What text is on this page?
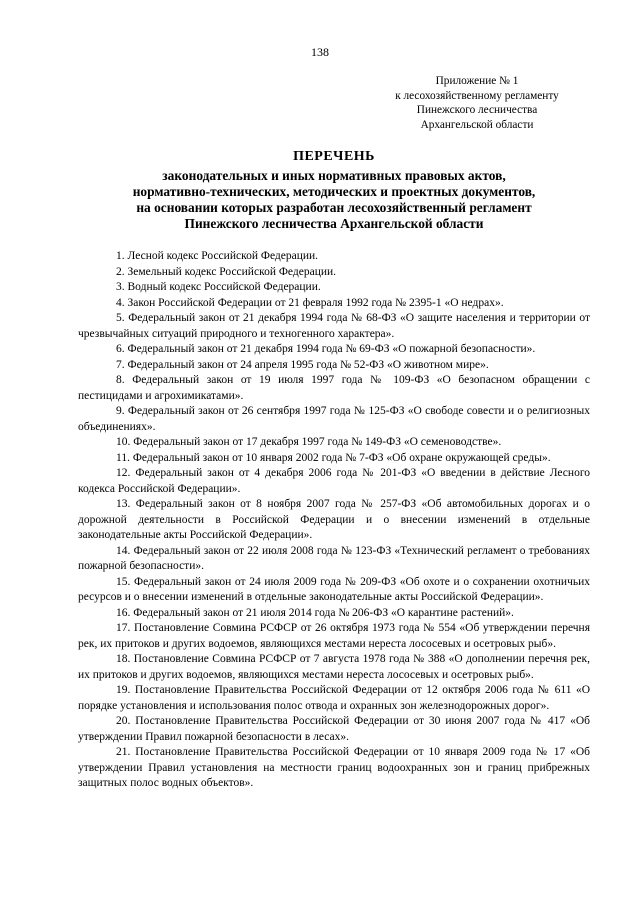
138
Приложение № 1
к лесохозяйственному регламенту
Пинежского лесничества
Архангельской области
ПЕРЕЧЕНЬ
законодательных и иных нормативных правовых актов,
нормативно-технических, методических и проектных документов,
на основании которых разработан лесохозяйственный регламент
Пинежского лесничества Архангельской области

1. Лесной кодекс Российской Федерации.

2. Земельный кодекс Российской Федерации.

3. Водный кодекс Российской Федерации.

4. Закон Российской Федерации от 21 февраля 1992 года № 2395-1 «О недрах».

5. Федеральный закон от 21 декабря 1994 года № 68-ФЗ «О защите населения и территории от чрезвычайных ситуаций природного и техногенного характера».

6. Федеральный закон от 21 декабря 1994 года № 69-ФЗ «О пожарной безопасности».

7. Федеральный закон от 24 апреля 1995 года № 52-ФЗ «О животном мире».

8. Федеральный закон от 19 июля 1997 года № 109-ФЗ «О безопасном обращении с пестицидами и агрохимикатами».

9. Федеральный закон от 26 сентября 1997 года № 125-ФЗ «О свободе совести и о религиозных объединениях».

10. Федеральный закон от 17 декабря 1997 года № 149-ФЗ «О семеноводстве».

11. Федеральный закон от 10 января 2002 года № 7-ФЗ «Об охране окружающей среды».

12. Федеральный закон от 4 декабря 2006 года № 201-ФЗ «О введении в действие Лесного кодекса Российской Федерации».

13. Федеральный закон от 8 ноября 2007 года № 257-ФЗ «Об автомобильных дорогах и о дорожной деятельности в Российской Федерации и о внесении изменений в отдельные законодательные акты Российской Федерации».

14. Федеральный закон от 22 июля 2008 года № 123-ФЗ «Технический регламент о требованиях пожарной безопасности».

15. Федеральный закон от 24 июля 2009 года № 209-ФЗ «Об охоте и о сохранении охотничьих ресурсов и о внесении изменений в отдельные законодательные акты Российской Федерации».

16. Федеральный закон от 21 июля 2014 года № 206-ФЗ «О карантине растений».

17. Постановление Совмина РСФСР от 26 октября 1973 года № 554 «Об утверждении перечня рек, их притоков и других водоемов, являющихся местами нереста лососевых и осетровых рыб».

18. Постановление Совмина РСФСР от 7 августа 1978 года № 388 «О дополнении перечня рек, их притоков и других водоемов, являющихся местами нереста лососевых и осетровых рыб».

19. Постановление Правительства Российской Федерации от 12 октября 2006 года № 611 «О порядке установления и использования полос отвода и охранных зон железнодорожных дорог».

20. Постановление Правительства Российской Федерации от 30 июня 2007 года № 417 «Об утверждении Правил пожарной безопасности в лесах».

21. Постановление Правительства Российской Федерации от 10 января 2009 года № 17 «Об утверждении Правил установления на местности границ водоохранных зон и границ прибрежных защитных полос водных объектов».
